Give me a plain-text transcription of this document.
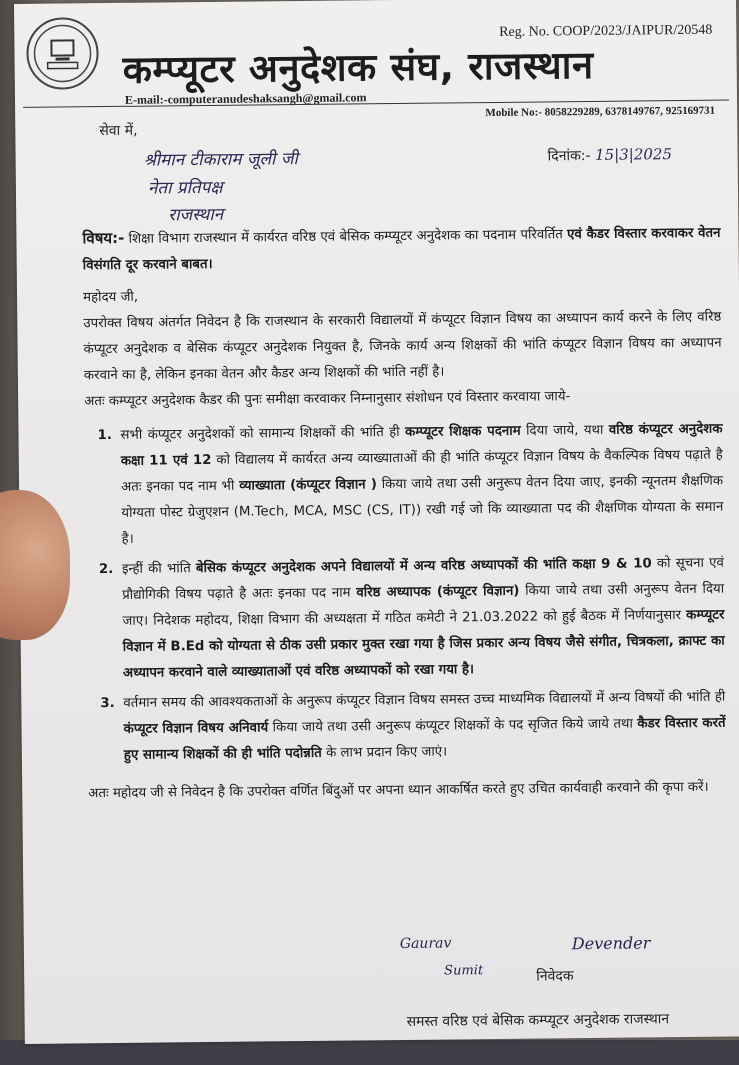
Reg. No. COOP/2023/JAIPUR/20548
कम्प्यूटर अनुदेशक संघ, राजस्थान
E-mail:-computeranudeshaksangh@gmail.com
Mobile No:- 8058229289, 6378149767, 925169731
सेवा में,
श्रीमान टीकाराम जूली जी
नेता प्रतिपक्ष
राजस्थान
दिनांक:- 15|3|2025

विषय:- शिक्षा विभाग राजस्थान में कार्यरत वरिष्ठ एवं बेसिक कम्प्यूटर अनुदेशक का पदनाम परिवर्तित एवं कैडर विस्तार करवाकर वेतन विसंगति दूर करवाने बाबत।

महोदय जी,

उपरोक्त विषय अंतर्गत निवेदन है कि राजस्थान के सरकारी विद्यालयों में कंप्यूटर विज्ञान विषय का अध्यापन कार्य करने के लिए वरिष्ठ कंप्यूटर अनुदेशक व बेसिक कंप्यूटर अनुदेशक नियुक्त है, जिनके कार्य अन्य शिक्षकों की भांति कंप्यूटर विज्ञान विषय का अध्यापन करवाने का है, लेकिन इनका वेतन और कैडर अन्य शिक्षकों की भांति नहीं है।

अतः कम्प्यूटर अनुदेशक कैडर की पुनः समीक्षा करवाकर निम्नानुसार संशोधन एवं विस्तार करवाया जाये-

1. सभी कंप्यूटर अनुदेशकों को सामान्य शिक्षकों की भांति ही कम्प्यूटर शिक्षक पदनाम दिया जाये, यथा वरिष्ठ कंप्यूटर अनुदेशक कक्षा 11 एवं 12 को विद्यालय में कार्यरत अन्य व्याख्याताओं की ही भांति कंप्यूटर विज्ञान विषय के वैकल्पिक विषय पढ़ाते है अतः इनका पद नाम भी व्याख्याता (कंप्यूटर विज्ञान ) किया जाये तथा उसी अनुरूप वेतन दिया जाए, इनकी न्यूनतम शैक्षणिक योग्यता पोस्ट ग्रेजुएशन (M.Tech, MCA, MSC (CS, IT)) रखी गई जो कि व्याख्याता पद की शैक्षणिक योग्यता के समान है।
2. इन्हीं की भांति बेसिक कंप्यूटर अनुदेशक अपने विद्यालयों में अन्य वरिष्ठ अध्यापकों की भांति कक्षा 9 & 10 को सूचना एवं प्रौद्योगिकी विषय पढ़ाते है अतः इनका पद नाम वरिष्ठ अध्यापक (कंप्यूटर विज्ञान) किया जाये तथा उसी अनुरूप वेतन दिया जाए। निदेशक महोदय, शिक्षा विभाग की अध्यक्षता में गठित कमेटी ने 21.03.2022 को हुई बैठक में निर्णयानुसार कम्प्यूटर विज्ञान में B.Ed को योग्यता से ठीक उसी प्रकार मुक्त रखा गया है जिस प्रकार अन्य विषय जैसे संगीत, चित्रकला, क्राफ्ट का अध्यापन करवाने वाले व्याख्याताओं एवं वरिष्ठ अध्यापकों को रखा गया है।
3. वर्तमान समय की आवश्यकताओं के अनुरूप कंप्यूटर विज्ञान विषय समस्त उच्च माध्यमिक विद्यालयों में अन्य विषयों की भांति ही कंप्यूटर विज्ञान विषय अनिवार्य किया जाये तथा उसी अनुरूप कंप्यूटर शिक्षकों के पद सृजित किये जाये तथा कैडर विस्तार करतें हुए सामान्य शिक्षकों की ही भांति पदोन्नति के लाभ प्रदान किए जाएं।

अतः महोदय जी से निवेदन है कि उपरोक्त वर्णित बिंदुओं पर अपना ध्यान आकर्षित करते हुए उचित कार्यवाही करवाने की कृपा करें।

Gaurav	Devender
Sumit	निवेदक
समस्त वरिष्ठ एवं बेसिक कम्प्यूटर अनुदेशक राजस्थान
